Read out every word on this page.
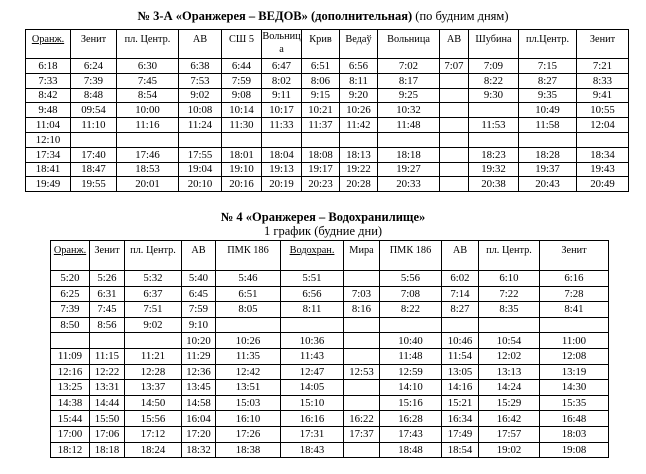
№ 3-А «Оранжерея – ВЕДОВ» (дополнительная) (по будним дням)
Оранж.	Зенит	пл. Центр.	АВ	СШ 5	Вольница	Крив	Ведаў	Вольница	АВ	Шубина	пл.Центр.	Зенит
6:18	6:24	6:30	6:38	6:44	6:47	6:51	6:56	7:02	7:07	7:09	7:15	7:21
7:33	7:39	7:45	7:53	7:59	8:02	8:06	8:11	8:17		8:22	8:27	8:33
8:42	8:48	8:54	9:02	9:08	9:11	9:15	9:20	9:25		9:30	9:35	9:41
9:48	09:54	10:00	10:08	10:14	10:17	10:21	10:26	10:32			10:49	10:55
11:04	11:10	11:16	11:24	11:30	11:33	11:37	11:42	11:48		11:53	11:58	12:04
12:10												
17:34	17:40	17:46	17:55	18:01	18:04	18:08	18:13	18:18		18:23	18:28	18:34
18:41	18:47	18:53	19:04	19:10	19:13	19:17	19:22	19:27		19:32	19:37	19:43
19:49	19:55	20:01	20:10	20:16	20:19	20:23	20:28	20:33		20:38	20:43	20:49
№ 4 «Оранжерея – Водохранилище»
1 график (будние дни)
Оранж.	Зенит	пл. Центр.	АВ	ПМК 186	Водохран.	Мира	ПМК 186	АВ	пл. Центр.	Зенит
5:20	5:26	5:32	5:40	5:46	5:51		5:56	6:02	6:10	6:16
6:25	6:31	6:37	6:45	6:51	6:56	7:03	7:08	7:14	7:22	7:28
7:39	7:45	7:51	7:59	8:05	8:11	8:16	8:22	8:27	8:35	8:41
8:50	8:56	9:02	9:10							
			10:20	10:26	10:36		10:40	10:46	10:54	11:00
11:09	11:15	11:21	11:29	11:35	11:43		11:48	11:54	12:02	12:08
12:16	12:22	12:28	12:36	12:42	12:47	12:53	12:59	13:05	13:13	13:19
13:25	13:31	13:37	13:45	13:51	14:05		14:10	14:16	14:24	14:30
14:38	14:44	14:50	14:58	15:03	15:10		15:16	15:21	15:29	15:35
15:44	15:50	15:56	16:04	16:10	16:16	16:22	16:28	16:34	16:42	16:48
17:00	17:06	17:12	17:20	17:26	17:31	17:37	17:43	17:49	17:57	18:03
18:12	18:18	18:24	18:32	18:38	18:43		18:48	18:54	19:02	19:08
